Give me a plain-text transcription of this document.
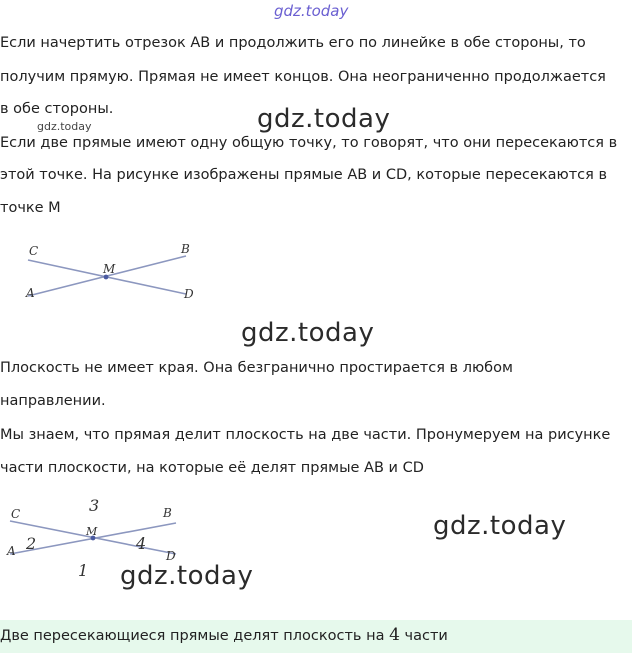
gdz.today

Если начертить отрезок АВ и продолжить его по линейке в обе стороны, то

получим прямую. Прямая не имеет концов. Она неограниченно продолжается

в обе стороны.

gdz.today	gdz.today

Если две прямые имеют одну общую точку, то говорят, что они пересекаются в

этой точке. На рисунке изображены прямые АВ и CD, которые пересекаются в

точке М

C	B
M
A	D
gdz.today

Плоскость не имеет края. Она безгранично простирается в любом

направлении.

Мы знаем, что прямая делит плоскость на две части. Пронумеруем на рисунке

части плоскости, на которые её делят прямые АВ и CD

C	B
M
A	D
3
2	4
1
gdz.today
gdz.today
Две пересекающиеся прямые делят плоскость на 4 части
